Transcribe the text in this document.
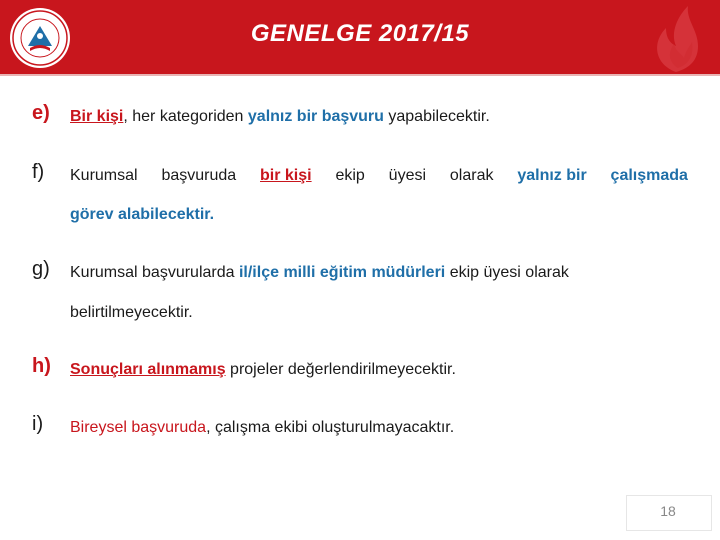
GENELGE 2017/15
e) Bir kişi, her kategoriden yalnız bir başvuru yapabilecektir.
f) Kurumsal başvuruda bir kişi ekip üyesi olarak yalnız bir çalışmada
görev alabilecektir.
g) Kurumsal başvurularda il/ilçe milli eğitim müdürleri ekip üyesi olarak
belirtilmeyecektir.
h) Sonuçları alınmamış projeler değerlendirilmeyecektir.
i) Bireysel başvuruda, çalışma ekibi oluşturulmayacaktır.
18
